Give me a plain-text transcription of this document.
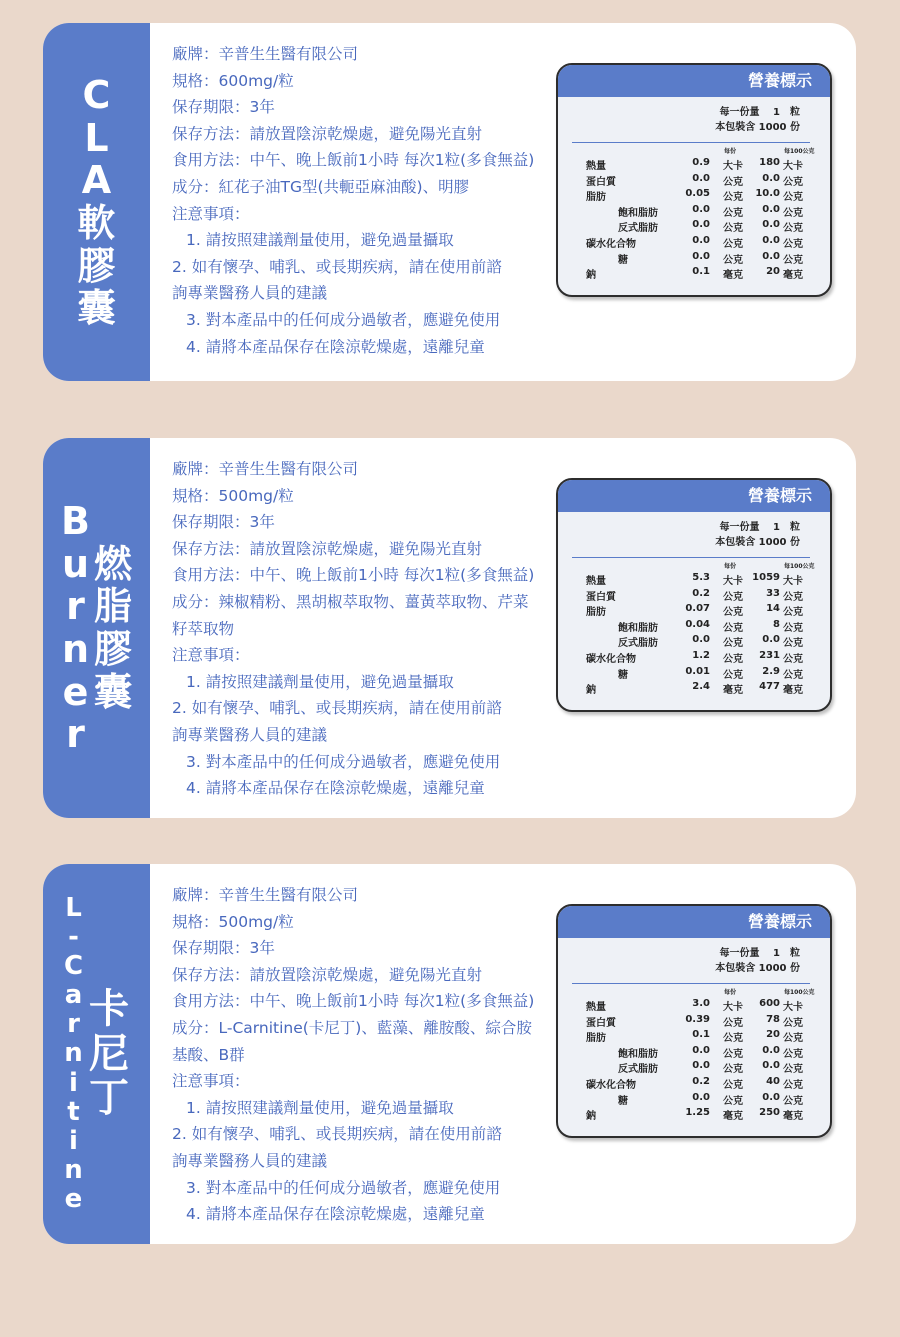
C
L
A
軟
膠
囊
廠牌：辛普生生醫有限公司
規格：600mg/粒
保存期限：3年
保存方法：請放置陰涼乾燥處，避免陽光直射
食用方法：中午、晚上飯前1小時 每次1粒(多食無益)
成分：紅花子油TG型(共軛亞麻油酸)、明膠
注意事項：
1. 請按照建議劑量使用，避免過量攝取
2. 如有懷孕、哺乳、或長期疾病，請在使用前諮詢專業醫務人員的建議
3. 對本產品中的任何成分過敏者，應避免使用
4. 請將本產品保存在陰涼乾燥處，遠離兒童
營養標示
每一份量　 1　粒
本包裝含 1000 份
每份	每100公克
熱量	0.9 大卡 180 大卡
蛋白質	0.0 公克 0.0 公克
脂肪	0.05 公克 10.0 公克
飽和脂肪	0.0 公克 0.0 公克
反式脂肪	0.0 公克 0.0 公克
碳水化合物	0.0 公克 0.0 公克
糖	0.0 公克 0.0 公克
鈉	0.1 毫克 20 毫克
B
u
r
n
e
r
燃
脂
膠
囊
廠牌：辛普生生醫有限公司
規格：500mg/粒
保存期限：3年
保存方法：請放置陰涼乾燥處，避免陽光直射
食用方法：中午、晚上飯前1小時 每次1粒(多食無益)
成分：辣椒精粉、黑胡椒萃取物、薑黃萃取物、芹菜籽萃取物
注意事項：
1. 請按照建議劑量使用，避免過量攝取
2. 如有懷孕、哺乳、或長期疾病，請在使用前諮詢專業醫務人員的建議
3. 對本產品中的任何成分過敏者，應避免使用
4. 請將本產品保存在陰涼乾燥處，遠離兒童
營養標示
每一份量　 1　粒
本包裝含 1000 份
每份	每100公克
熱量	5.3 大卡 1059 大卡
蛋白質	0.2 公克 33 公克
脂肪	0.07 公克 14 公克
飽和脂肪	0.04 公克	8 公克
反式脂肪	0.0 公克 0.0 公克
碳水化合物	1.2 公克 231 公克
糖	0.01 公克 2.9 公克
鈉	2.4 毫克 477 毫克
L
-
C
a
r
n
i
t
i
n
e
卡
尼
丁
廠牌：辛普生生醫有限公司
規格：500mg/粒
保存期限：3年
保存方法：請放置陰涼乾燥處，避免陽光直射
食用方法：中午、晚上飯前1小時 每次1粒(多食無益)
成分：L-Carnitine(卡尼丁)、藍藻、離胺酸、綜合胺基酸、B群
注意事項：
1. 請按照建議劑量使用，避免過量攝取
2. 如有懷孕、哺乳、或長期疾病，請在使用前諮詢專業醫務人員的建議
3. 對本產品中的任何成分過敏者，應避免使用
4. 請將本產品保存在陰涼乾燥處，遠離兒童
營養標示
每一份量　 1　粒
本包裝含 1000 份
每份	每100公克
熱量	3.0 大卡 600 大卡
蛋白質	0.39 公克 78 公克
脂肪	0.1 公克 20 公克
飽和脂肪	0.0 公克 0.0 公克
反式脂肪	0.0 公克 0.0 公克
碳水化合物	0.2 公克 40 公克
糖	0.0 公克 0.0 公克
鈉	1.25 毫克 250 毫克
